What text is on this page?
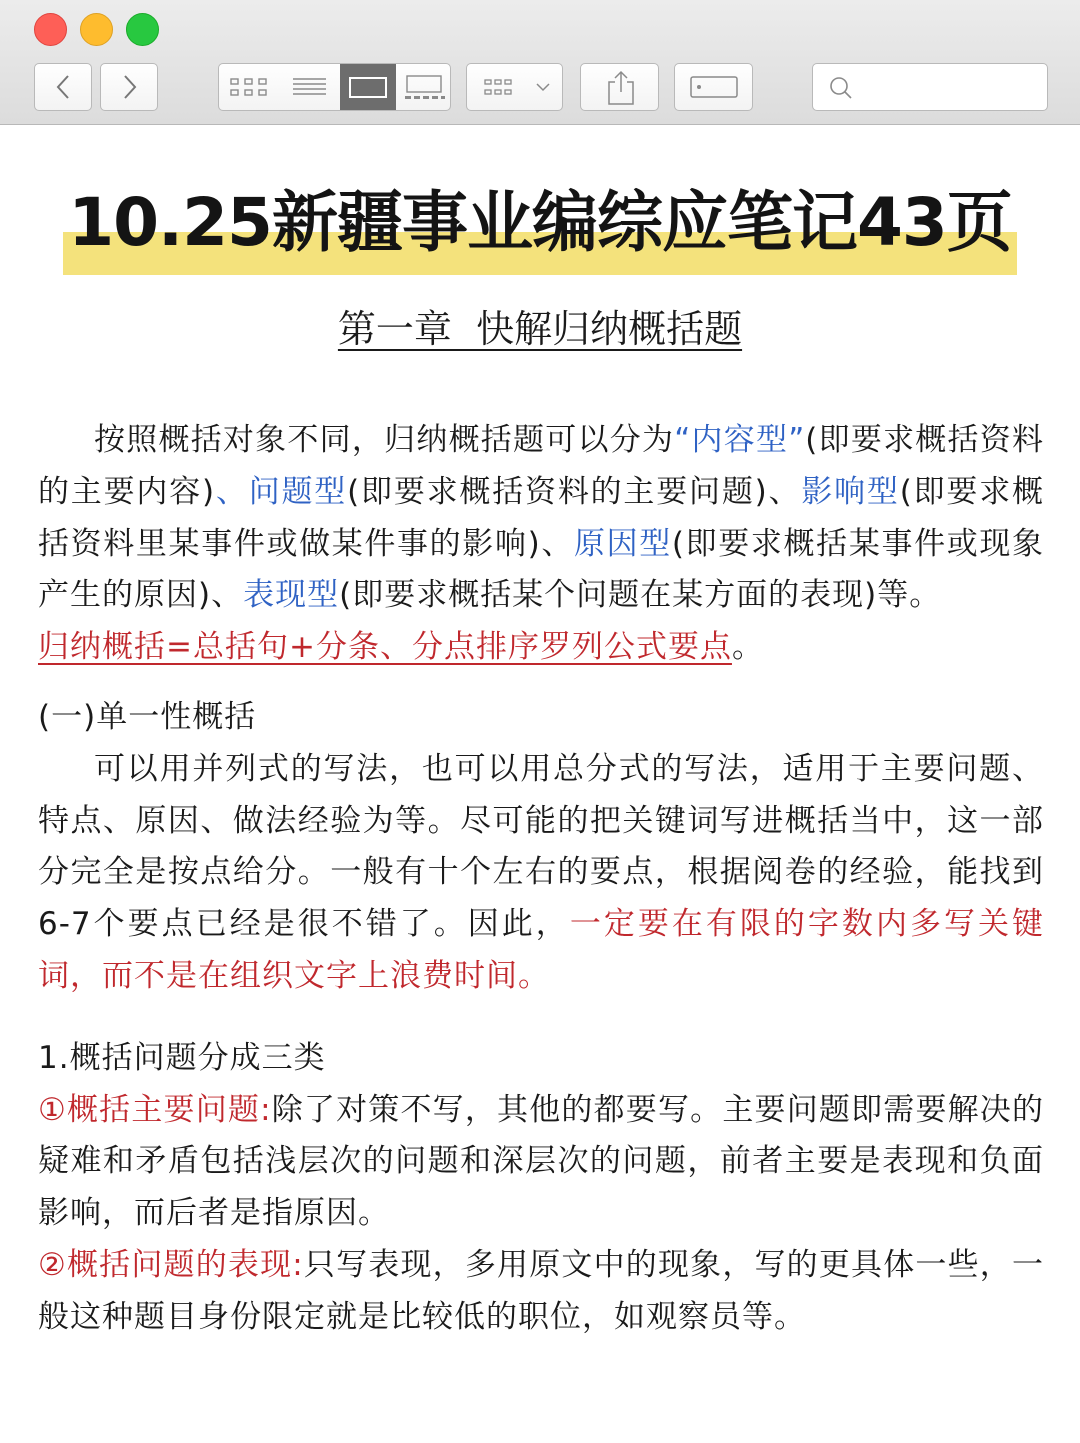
10.25新疆事业编综应笔记43页
第一章  快解归纳概括题

按照概括对象不同，归纳概括题可以分为“内容型”(即要求概括资料的主要内容)、问题型(即要求概括资料的主要问题)、影响型(即要求概括资料里某事件或做某件事的影响)、原因型(即要求概括某事件或现象产生的原因)、表现型(即要求概括某个问题在某方面的表现)等。

归纳概括=总括句+分条、分点排序罗列公式要点。

(一)单一性概括

可以用并列式的写法，也可以用总分式的写法，适用于主要问题、特点、原因、做法经验为等。尽可能的把关键词写进概括当中，这一部分完全是按点给分。一般有十个左右的要点，根据阅卷的经验，能找到6-7个要点已经是很不错了。因此，一定要在有限的字数内多写关键词，而不是在组织文字上浪费时间。

1.概括问题分成三类

①概括主要问题:除了对策不写，其他的都要写。主要问题即需要解决的疑难和矛盾包括浅层次的问题和深层次的问题，前者主要是表现和负面影响，而后者是指原因。

②概括问题的表现:只写表现，多用原文中的现象，写的更具体一些，一般这种题目身份限定就是比较低的职位，如观察员等。
